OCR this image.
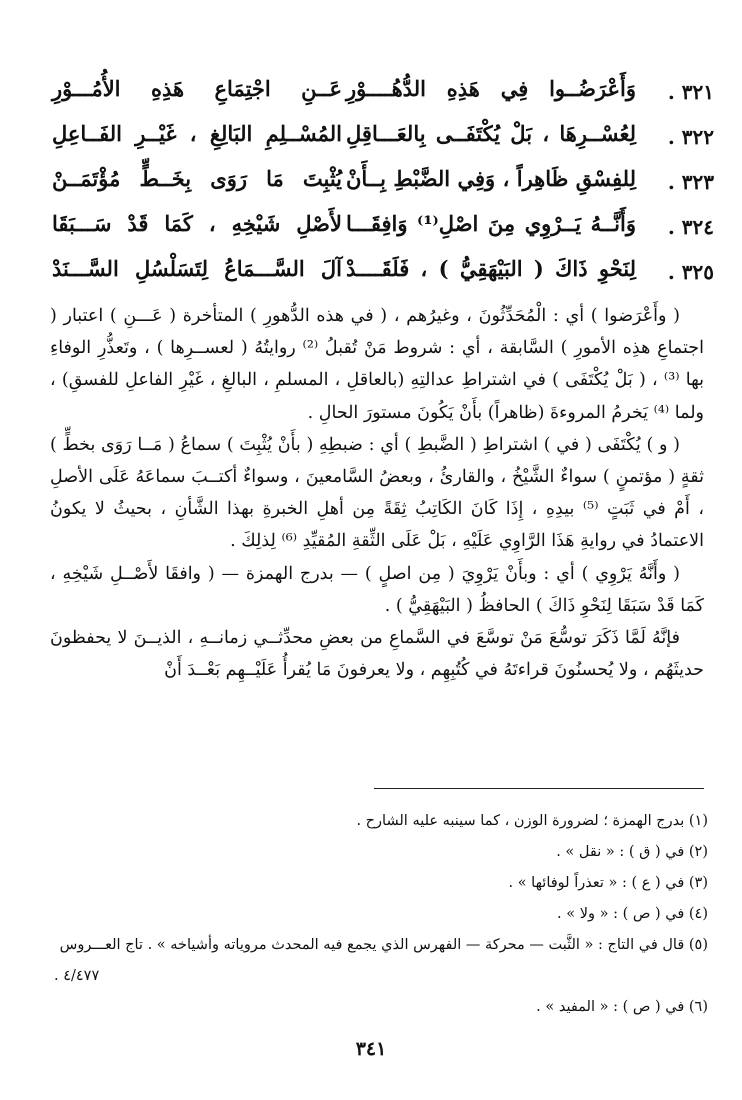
٣٢١ .
وَأَعْرَضُــوا فِي هَذِهِ الدُّهُــــوْرِ
عَــنِ اجْتِمَاعِ هَذِهِ الأُمُـــوْرِ
٣٢٢ .
لِعُسْــرِهَا ، بَلْ يُكْتَفَــى بِالعَـــاقِلِ
المُسْــلِمِ البَالِغِ ، غَيْــرِ الفَــاعِلِ
٣٢٣ .
لِلفِسْقِ ظَاهِراً ، وَفِي الضَّبْطِ بِــأَنْ
يُثْبِتَ مَا رَوَى بِخَــطٍّ مُؤْتَمَــنْ
٣٢٤ .
وَأَنَّــهُ يَــرْوِي مِنَ اصْلِ⁽¹⁾ وَافِقَـــا
لأَصْلِ شَيْخِهِ ، كَمَا قَدْ سَـــبَقَا
٣٢٥ .
لِنَحْوِ ذَاكَ ( البَيْهَقِيُّ ) ، فَلَقَــــدْ
آلَ السَّـــمَاعُ لِتَسَلْسُلِ السَّـــنَدْ

( وأَعْرَضوا ) أي : الْمُحَدِّثُونَ ، وغيرُهم ، ( في هذه الدُّهورِ ) المتأخرة ( عَـــنِ ) اعتبار ( اجتماعِ هذِه الأمورِ ) السَّابقة ، أي : شروط مَنْ تُقبلُ ⁽²⁾ روايتُهُ ( لعســرِها ) ، وتَعذُّرِ الوفاءِ بها ⁽³⁾ ، ( بَلْ يُكْتَفَى ) في اشتراطِ عدالتِهِ (بالعاقلِ ، المسلمِ ، البالغِ ، غَيْرِ الفاعلِ للفسقِ) ، ولما ⁽⁴⁾ يَخرمُ المروءةَ (ظاهراً) بأَنْ يَكُونَ مستورَ الحالِ .

( و ) يُكْتَفَى ( في ) اشتراطِ ( الضَّبطِ ) أي : ضبطِهِ ( بأَنْ يُثْبِتَ ) سماعُ ( مَــا رَوَى بخطٍّ ) ثقةٍ ( مؤتمنٍ ) سواءٌ الشَّيْخُ ، والقارئُ ، وبعضُ السَّامعينَ ، وسواءٌ أكتــبَ سماعَهُ عَلَى الأصلِ ، أَمْ في ثَبَتٍ ⁽⁵⁾ بيدِهِ ، إِذَا كَانَ الكَاتِبُ ثِقَةً مِن أهلِ الخبرةِ بهذا الشَّأنِ ، بحيثُ لا يكونُ الاعتمادُ في روايةِ هَذَا الرَّاوِي عَلَيْهِ ، بَلْ عَلَى الثِّقةِ المُقيِّدِ ⁽⁶⁾ لِذلِكَ .

( وأَنَّهُ يَرْوِي ) أي : وبأَنْ يَرْوِيَ ( مِن اصلٍ ) — بدرج الهمزة — ( وافقَا لأَصْــلِ شَيْخِهِ ، كَمَا قَدْ سَبَقَا لِنَحْوِ ذَاكَ ) الحافظُ ( البَيْهَقِيُّ ) .

فإنَّهُ لَمَّا ذَكَرَ توسُّعَ مَنْ توسَّعَ في السَّماعِ من بعضِ محدِّثــي زمانــهِ ، الذيــنَ لا يحفظونَ حديثَهُم ، ولا يُحسنُونَ قراءتَهُ في كُتُبِهِم ، ولا يعرفونَ مَا يُقرأُ عَلَيْــهِم بَعْــدَ أَنْ

(١) بدرج الهمزة ؛ لضرورة الوزن ، كما سينبه عليه الشارح .

(٢) في ( ق ) : « نقل » .

(٣) في ( ع ) : « تعذراً لوفائها » .

(٤) في ( ص ) : « ولا » .

(٥) قال في التاج : « الثَّبت — محركة — الفهرس الذي يجمع فيه المحدث مروياته وأشياخه » . تاج العـــروس

٤/٤٧٧ .

(٦) في ( ص ) : « المفيد » .

٣٤١
